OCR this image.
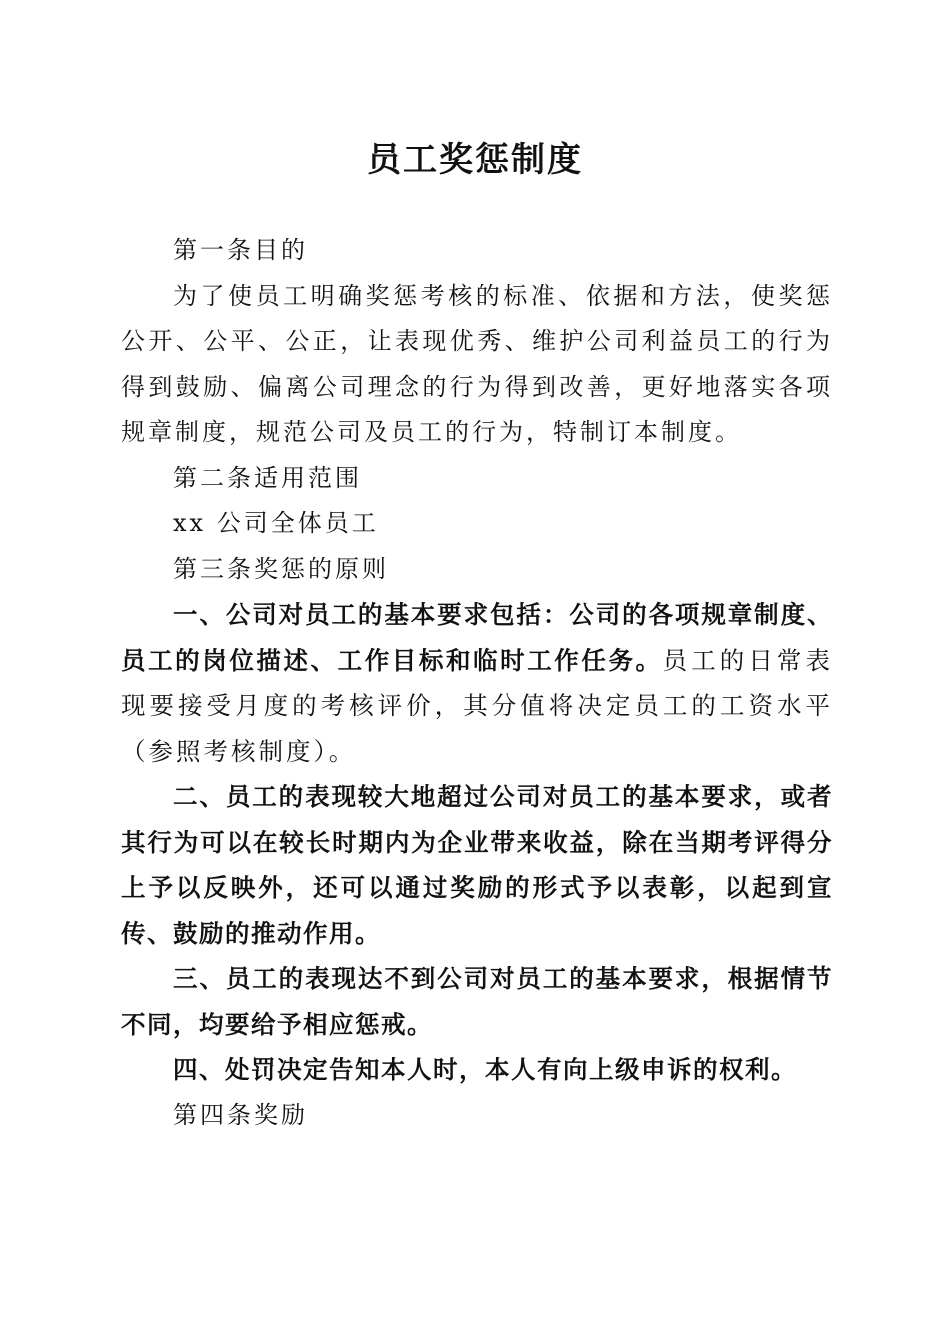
员工奖惩制度

第一条目的

为了使员工明确奖惩考核的标准、依据和方法，使奖惩公开、公平、公正，让表现优秀、维护公司利益员工的行为得到鼓励、偏离公司理念的行为得到改善，更好地落实各项规章制度，规范公司及员工的行为，特制订本制度。

第二条适用范围

xx 公司全体员工

第三条奖惩的原则

一、公司对员工的基本要求包括：公司的各项规章制度、员工的岗位描述、工作目标和临时工作任务。员工的日常表现要接受月度的考核评价，其分值将决定员工的工资水平（参照考核制度）。

二、员工的表现较大地超过公司对员工的基本要求，或者其行为可以在较长时期内为企业带来收益，除在当期考评得分上予以反映外，还可以通过奖励的形式予以表彰，以起到宣传、鼓励的推动作用。

三、员工的表现达不到公司对员工的基本要求，根据情节不同，均要给予相应惩戒。

四、处罚决定告知本人时，本人有向上级申诉的权利。

第四条奖励
